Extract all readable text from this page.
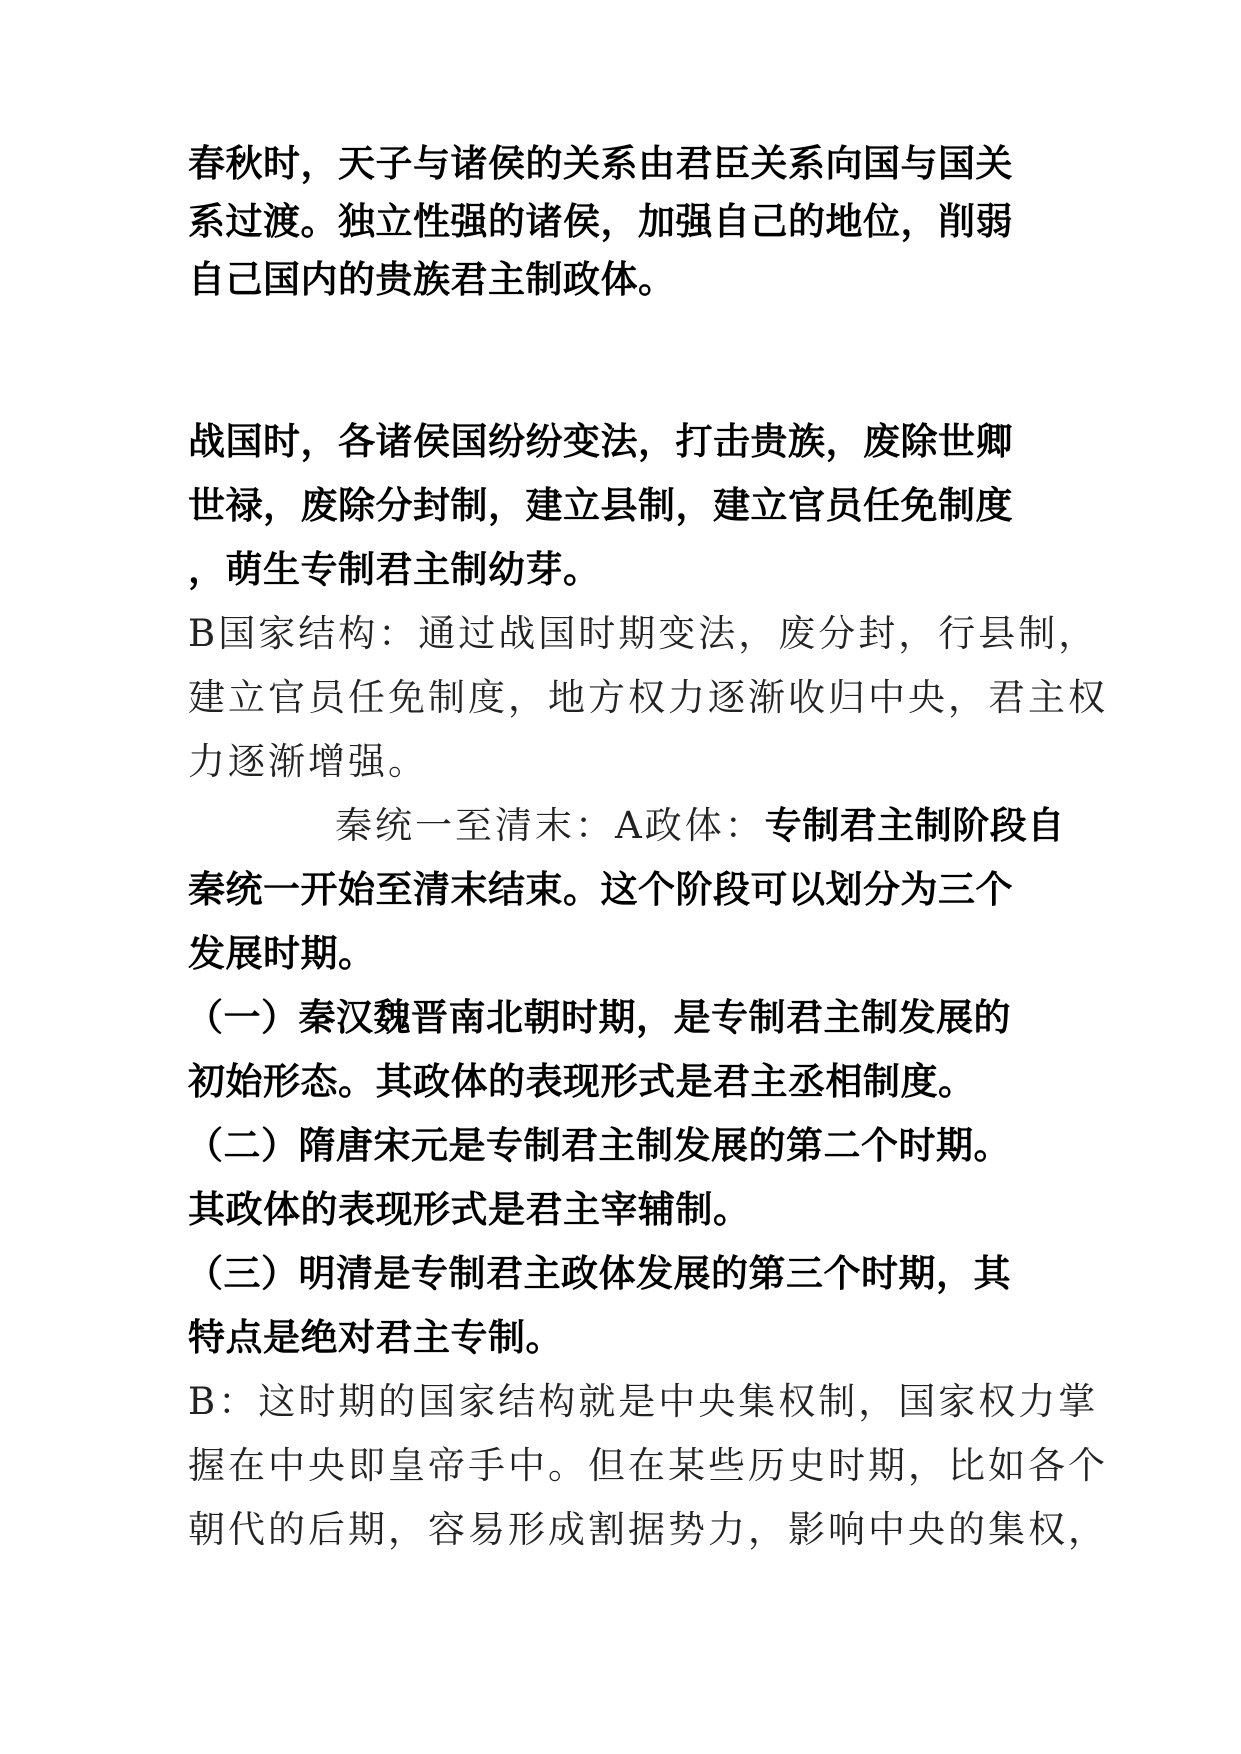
春秋时，天子与诸侯的关系由君臣关系向国与国关

系过渡。独立性强的诸侯，加强自己的地位，削弱

自己国内的贵族君主制政体。

战国时，各诸侯国纷纷变法，打击贵族，废除世卿

世禄，废除分封制，建立县制，建立官员任免制度

，萌生专制君主制幼芽。

B国家结构：通过战国时期变法，废分封，行县制，

建立官员任免制度，地方权力逐渐收归中央，君主权

力逐渐增强。

秦统一至清末：A政体：专制君主制阶段自

秦统一开始至清末结束。这个阶段可以划分为三个

发展时期。

（一）秦汉魏晋南北朝时期，是专制君主制发展的

初始形态。其政体的表现形式是君主丞相制度。

（二）隋唐宋元是专制君主制发展的第二个时期。

其政体的表现形式是君主宰辅制。

（三）明清是专制君主政体发展的第三个时期，其

特点是绝对君主专制。

B：这时期的国家结构就是中央集权制，国家权力掌

握在中央即皇帝手中。但在某些历史时期，比如各个

朝代的后期，容易形成割据势力，影响中央的集权，
